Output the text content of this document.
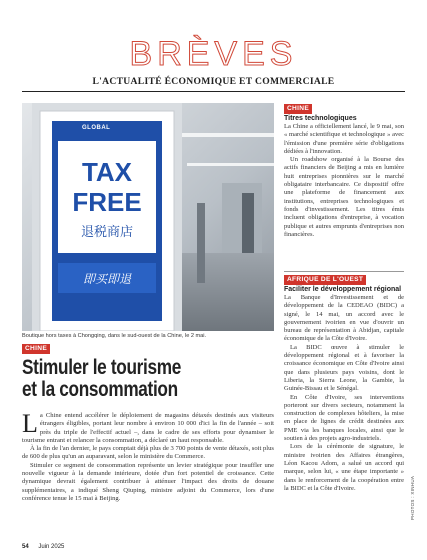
BRÈVES
L'ACTUALITÉ ÉCONOMIQUE ET COMMERCIALE
GLOBAL
TAX
FREE
退税商店
即买即退
Boutique hors taxes à Chongqing, dans le sud-ouest de la Chine, le 2 mai.
CHINE
Stimuler le tourisme
et la consommation

La Chine entend accélérer le déploiement de magasins détaxés destinés aux visiteurs étrangers éligibles, portant leur nombre à environ 10 000 d'ici la fin de l'année – soit près du triple de l'effectif actuel –, dans le cadre de ses efforts pour dynamiser le tourisme entrant et relancer la consommation, a déclaré un haut responsable.

À la fin de l'an dernier, le pays comptait déjà plus de 3 700 points de vente détaxés, soit plus de 600 de plus qu'un an auparavant, selon le ministère du Commerce.

Stimuler ce segment de consommation représente un levier stratégique pour insuffler une nouvelle vigueur à la demande intérieure, dotée d'un fort potentiel de croissance. Cette dynamique devrait également contribuer à atténuer l'impact des droits de douane supplémentaires, a indiqué Sheng Qiuping, ministre adjoint du Commerce, lors d'une conférence tenue le 15 mai à Beijing.

CHINE
Titres technologiques

La Chine a officiellement lancé, le 9 mai, son « marché scientifique et technologique » avec l'émission d'une première série d'obligations dédiées à l'innovation.

Un roadshow organisé à la Bourse des actifs financiers de Beijing a mis en lumière huit entreprises pionnières sur le marché obligataire interbancaire. Ce dispositif offre une plateforme de financement aux institutions, entreprises technologiques et fonds d'investissement. Les titres émis incluent obligations d'entreprise, à vocation publique et autres emprunts d'entreprises non financières.

AFRIQUE DE L'OUEST
Faciliter le développement régional

La Banque d'Investissement et de développement de la CEDEAO (BIDC) a signé, le 14 mai, un accord avec le gouvernement ivoirien en vue d'ouvrir un bureau de représentation à Abidjan, capitale économique de la Côte d'Ivoire.

La BIDC œuvre à stimuler le développement régional et à favoriser la croissance économique en Côte d'Ivoire ainsi que dans plusieurs pays voisins, dont le Liberia, la Sierra Leone, la Gambie, la Guinée-Bissau et le Sénégal.

En Côte d'Ivoire, ses interventions porteront sur divers secteurs, notamment la construction de complexes hôteliers, la mise en place de lignes de crédit destinées aux PME via les banques locales, ainsi que le soutien à des projets agro-industriels.

Lors de la cérémonie de signature, le ministre ivoirien des Affaires étrangères, Léon Kacou Adom, a salué un accord qui marque, selon lui, « une étape importante » dans le renforcement de la coopération entre la BIDC et la Côte d'Ivoire.	PHOTOS : XINHUA
54 Juin 2025
